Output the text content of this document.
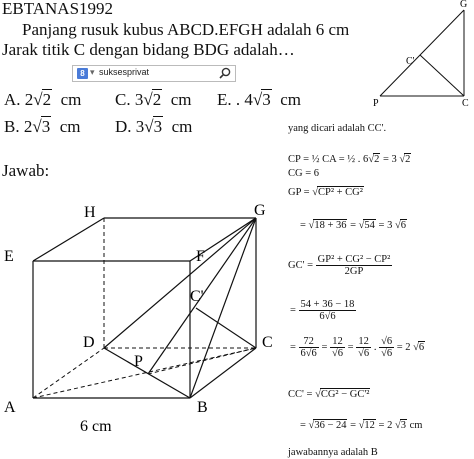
EBTANAS1992
Panjang rusuk kubus ABCD.EFGH adalah 6 cm
Jarak titik C dengan bidang BDG adalah…
8 ▾ suksesprivat
A. 2√2 cm C. 3√2 cm E. . 4√3 cm
B. 2√3 cm D. 3√3 cm
Jawab:
G
C'
P	C
H	G
E	F
C'
D	C
P
A	B
6 cm
yang dicari adalah CC'.
CP = ½ CA = ½ . 6√2 = 3 √2
CG = 6
GP = √CP² + CG²
= √18 + 36 = √54 = 3 √6
$GC' = \frac{\text{GP² + CG² − CP²}}{2GP}$
= $\frac{54 + 36 - 18}{6√6}$
= $\frac{72}{6√6} = \frac{12}{√6} = \frac{12}{√6}$ . $\frac{√6}{√6} = 2$ √6
CC' = √CG² − GC'²
= √36 − 24 = √12 = 2 √3 cm
jawabannya adalah B
